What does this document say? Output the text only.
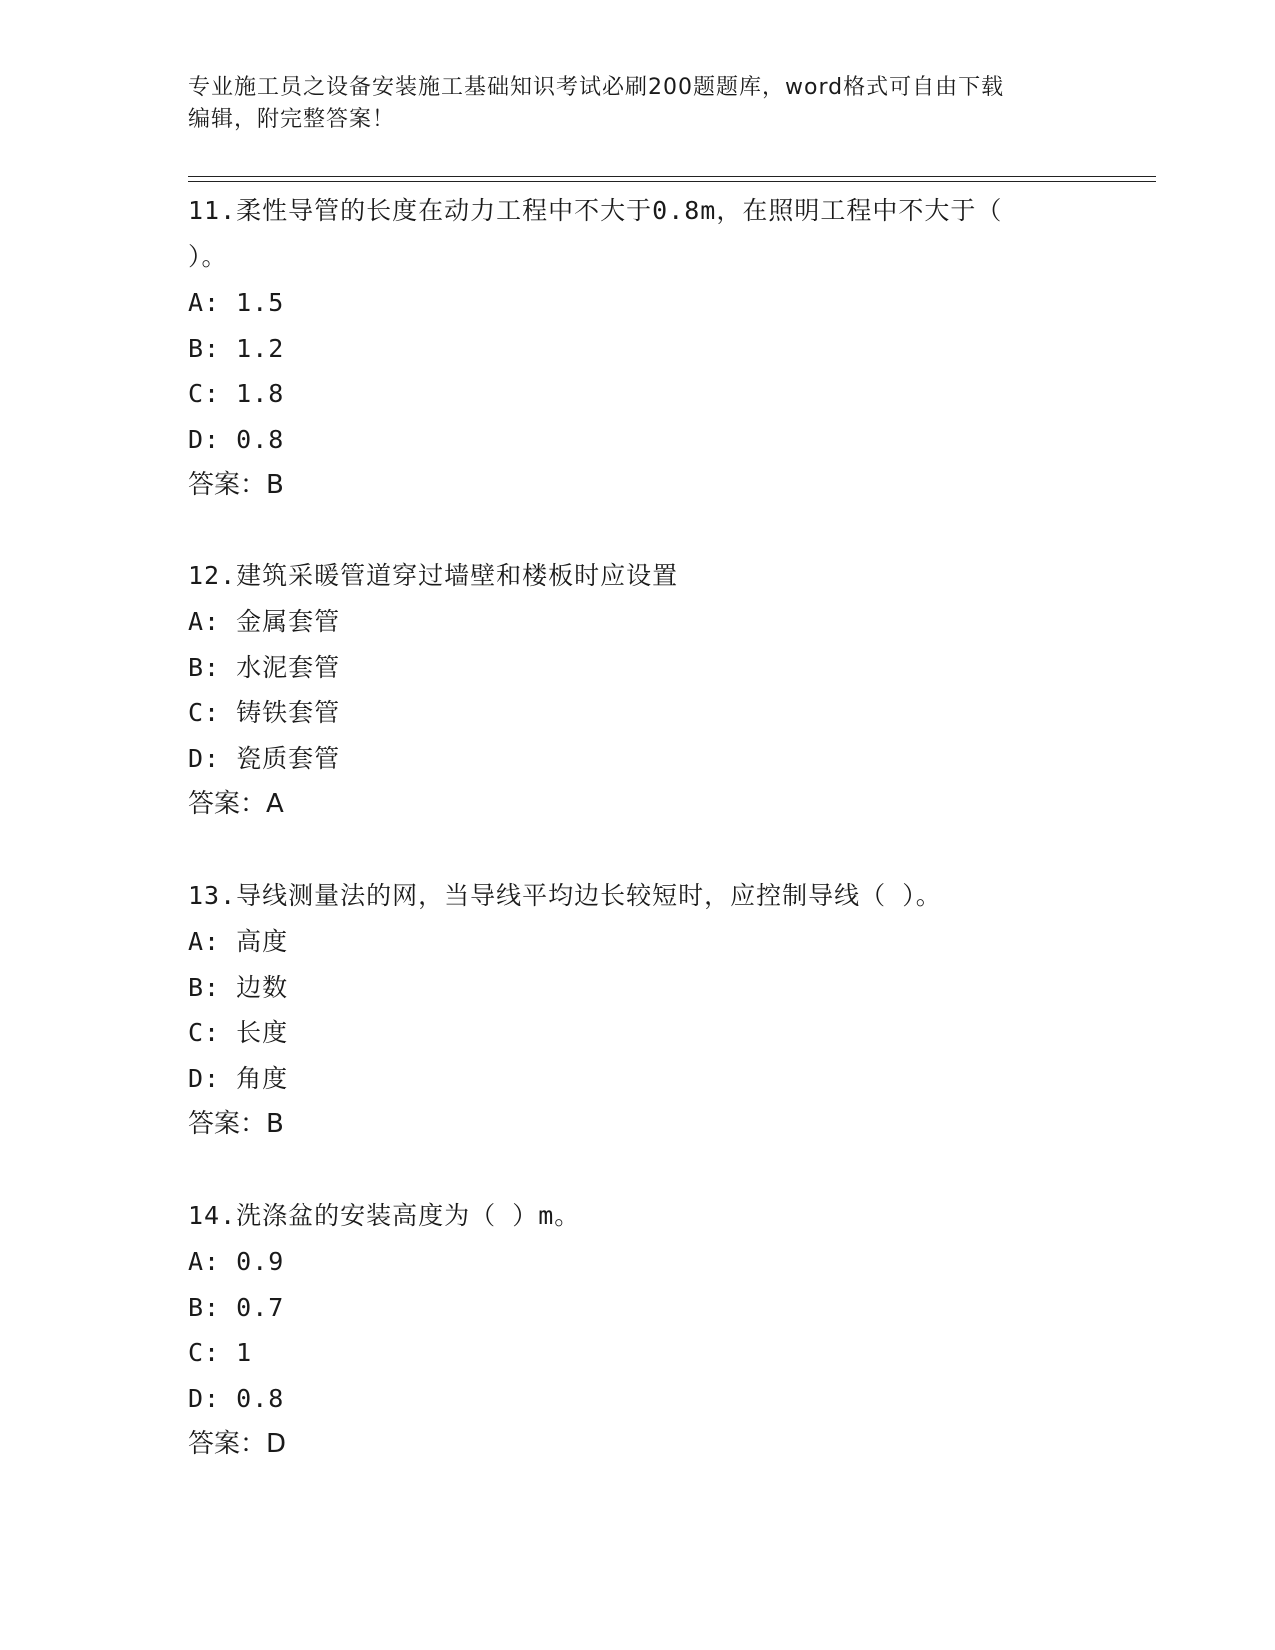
专业施工员之设备安装施工基础知识考试必刷200题题库，word格式可自由下载
编辑，附完整答案！

11.柔性导管的长度在动力工程中不大于0.8m，在照明工程中不大于（

）。

A: 1.5

B: 1.2

C: 1.8

D: 0.8

答案：B

12.建筑采暖管道穿过墙壁和楼板时应设置

A: 金属套管

B: 水泥套管

C: 铸铁套管

D: 瓷质套管

答案：A

13.导线测量法的网，当导线平均边长较短时，应控制导线（ ）。

A: 高度

B: 边数

C: 长度

D: 角度

答案：B

14.洗涤盆的安装高度为（ ）m。

A: 0.9

B: 0.7

C: 1

D: 0.8

答案：D
